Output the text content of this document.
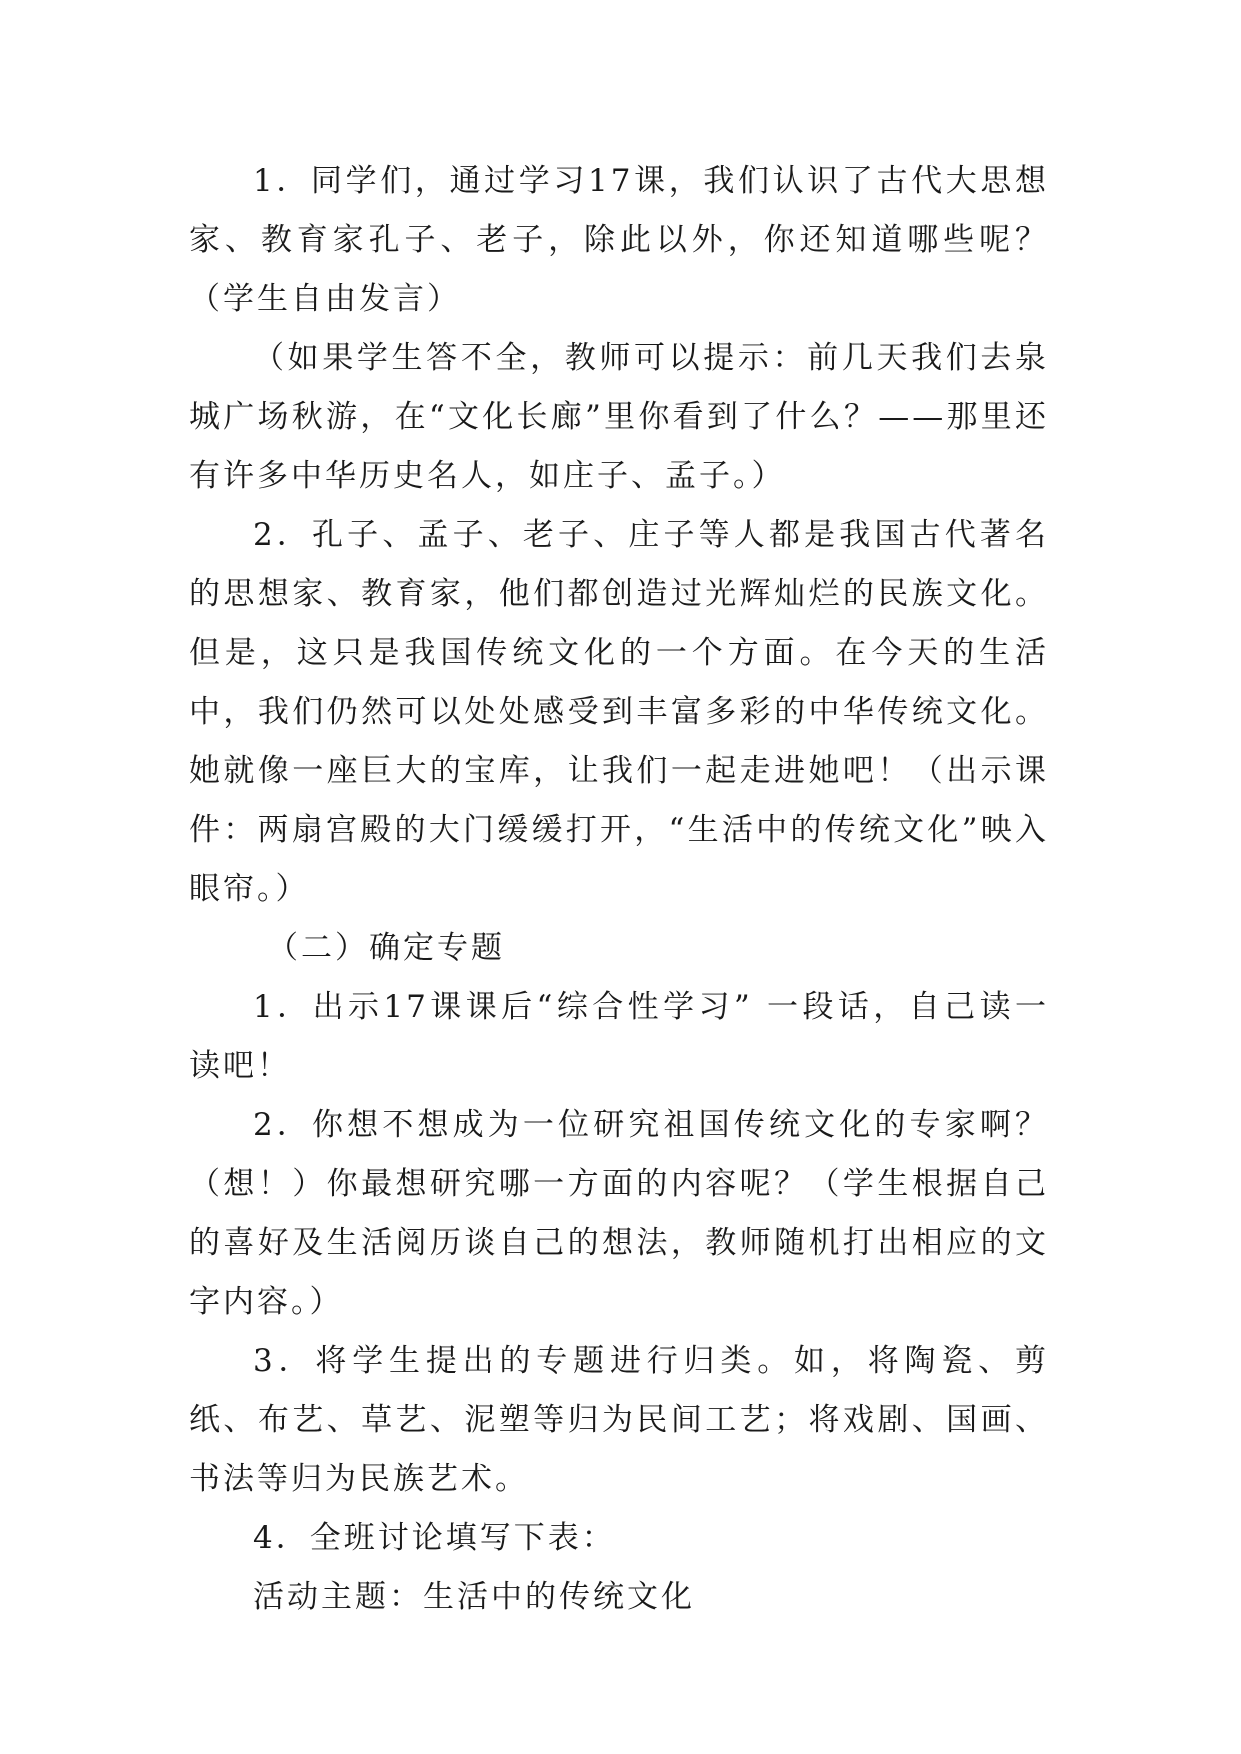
1．同学们，通过学习17课，我们认识了古代大思想家、教育家孔子、老子，除此以外，你还知道哪些呢？（学生自由发言）

（如果学生答不全，教师可以提示：前几天我们去泉城广场秋游，在“文化长廊”里你看到了什么？——那里还有许多中华历史名人，如庄子、孟子。）

2．孔子、孟子、老子、庄子等人都是我国古代著名的思想家、教育家，他们都创造过光辉灿烂的民族文化。但是，这只是我国传统文化的一个方面。在今天的生活中，我们仍然可以处处感受到丰富多彩的中华传统文化。她就像一座巨大的宝库，让我们一起走进她吧！（出示课件：两扇宫殿的大门缓缓打开，“生活中的传统文化”映入眼帘。）

（二）确定专题

1．出示17课课后“综合性学习” 一段话，自己读一读吧！

2．你想不想成为一位研究祖国传统文化的专家啊？（想！）你最想研究哪一方面的内容呢？（学生根据自己的喜好及生活阅历谈自己的想法，教师随机打出相应的文字内容。）

3．将学生提出的专题进行归类。如，将陶瓷、剪纸、布艺、草艺、泥塑等归为民间工艺；将戏剧、国画、书法等归为民族艺术。

4．全班讨论填写下表：

活动主题：生活中的传统文化
